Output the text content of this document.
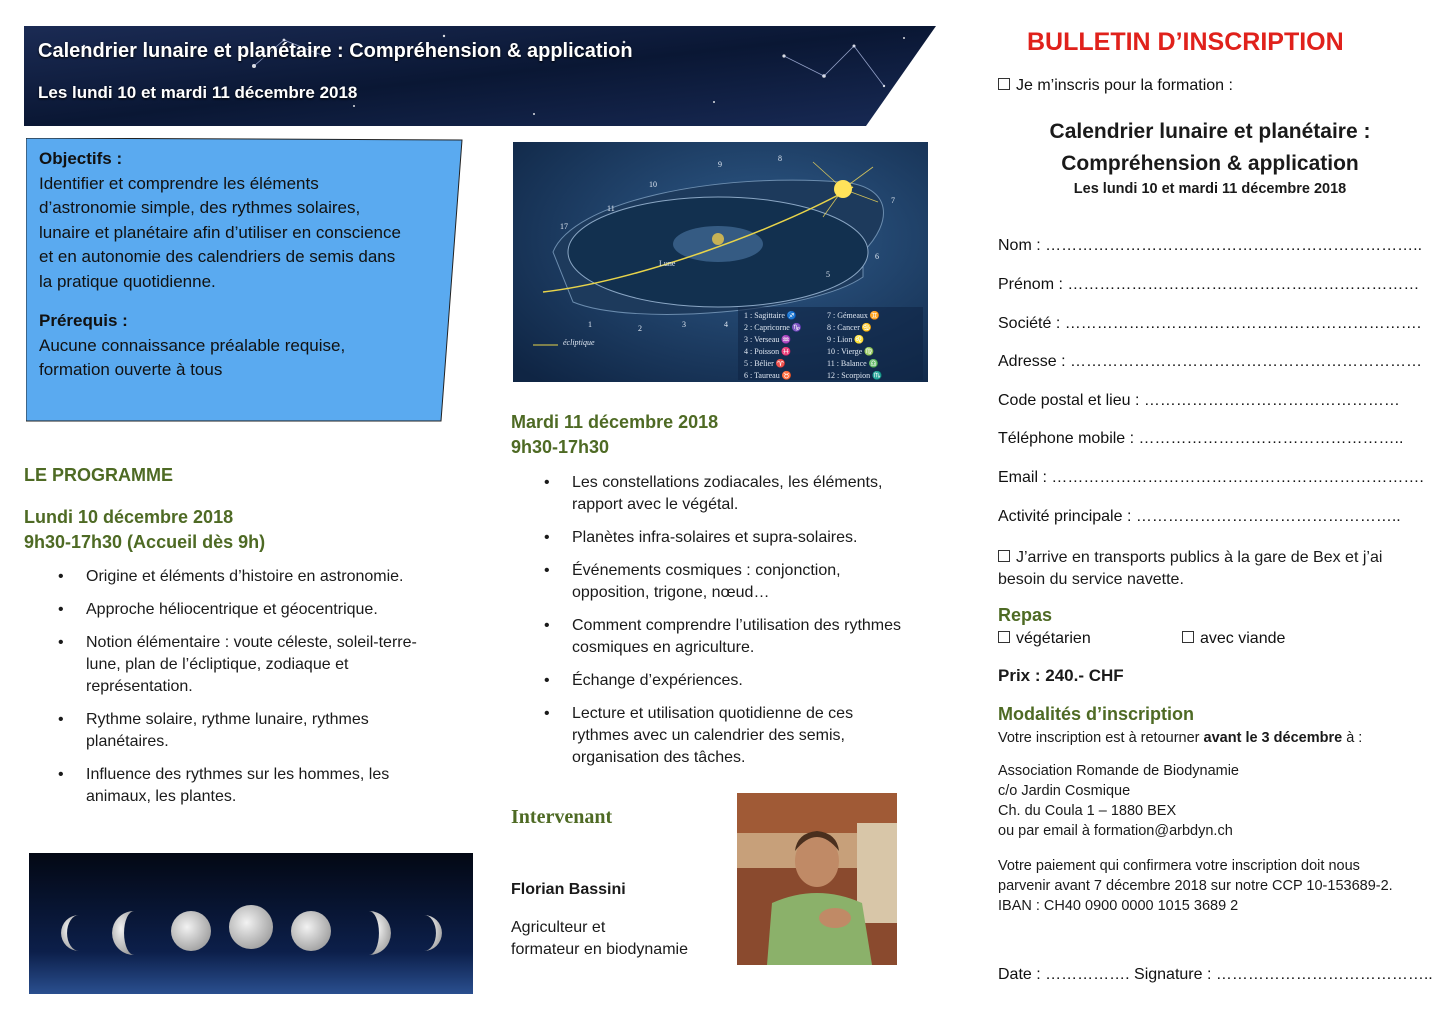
Calendrier lunaire et planétaire : Compréhension & application
Les lundi 10 et mardi 11 décembre 2018
Objectifs :
Identifier et comprendre les éléments
d’astronomie simple, des rythmes solaires,
lunaire et planétaire afin d’utiliser en conscience
et en autonomie des calendriers de semis dans
la pratique quotidienne.
Prérequis :
Aucune connaissance préalable requise,
formation ouverte à tous
LE PROGRAMME
Lundi 10 décembre 2018
9h30-17h30 (Accueil dès 9h)
• Origine et éléments d’histoire en astronomie.
• Approche héliocentrique et géocentrique.
• Notion élémentaire : voute céleste, soleil-terre-
lune, plan de l’écliptique, zodiaque et
représentation.
• Rythme solaire, rythme lunaire, rythmes
planétaires.
• Influence des rythmes sur les hommes, les
animaux, les plantes.
9
8
10
11
7
17
6
5
1	2	3	4
Lune
écliptique
1 : Sagittaire ♐
2 : Capricorne ♑
3 : Verseau ♒
4 : Poisson ♓
5 : Bélier ♈
6 : Taureau ♉
7 : Gémeaux ♊
8 : Cancer ♋
9 : Lion ♌
10 : Vierge ♍
11 : Balance ♎
12 : Scorpion ♏
Mardi 11 décembre 2018
9h30-17h30
• Les constellations zodiacales, les éléments,
rapport avec le végétal.
• Planètes infra-solaires et supra-solaires.
• Événements cosmiques : conjonction,
opposition, trigone, nœud…
• Comment comprendre l’utilisation des rythmes
cosmiques en agriculture.
• Échange d’expériences.
• Lecture et utilisation quotidienne de ces
rythmes avec un calendrier des semis,
organisation des tâches.
Intervenant
Florian Bassini
Agriculteur et
formateur en biodynamie
BULLETIN D’INSCRIPTION
Je m’inscris pour la formation :
Calendrier lunaire et planétaire :
Compréhension & application
Les lundi 10 et mardi 11 décembre 2018
Nom : ……………………………………………………………..
Prénom : …………………………………………………………
Société : ………………………………………………………….
Adresse : …………………………………………………………
Code postal et lieu : …………………………………………
Téléphone mobile : …………………………………………..
Email : …………………………………………………………….
Activité principale : …………………………………………..
J’arrive en transports publics à la gare de Bex et j’ai
besoin du service navette.
Repas
végétarien	avec viande
Prix : 240.- CHF
Modalités d’inscription
Votre inscription est à retourner avant le 3 décembre à :
Association Romande de Biodynamie
c/o Jardin Cosmique
Ch. du Coula 1 – 1880 BEX
ou par email à formation@arbdyn.ch
Votre paiement qui confirmera votre inscription doit nous
parvenir avant 7 décembre 2018 sur notre CCP 10-153689-2.
IBAN : CH40 0900 0000 1015 3689 2
Date : ……………. Signature : …………………………………..
